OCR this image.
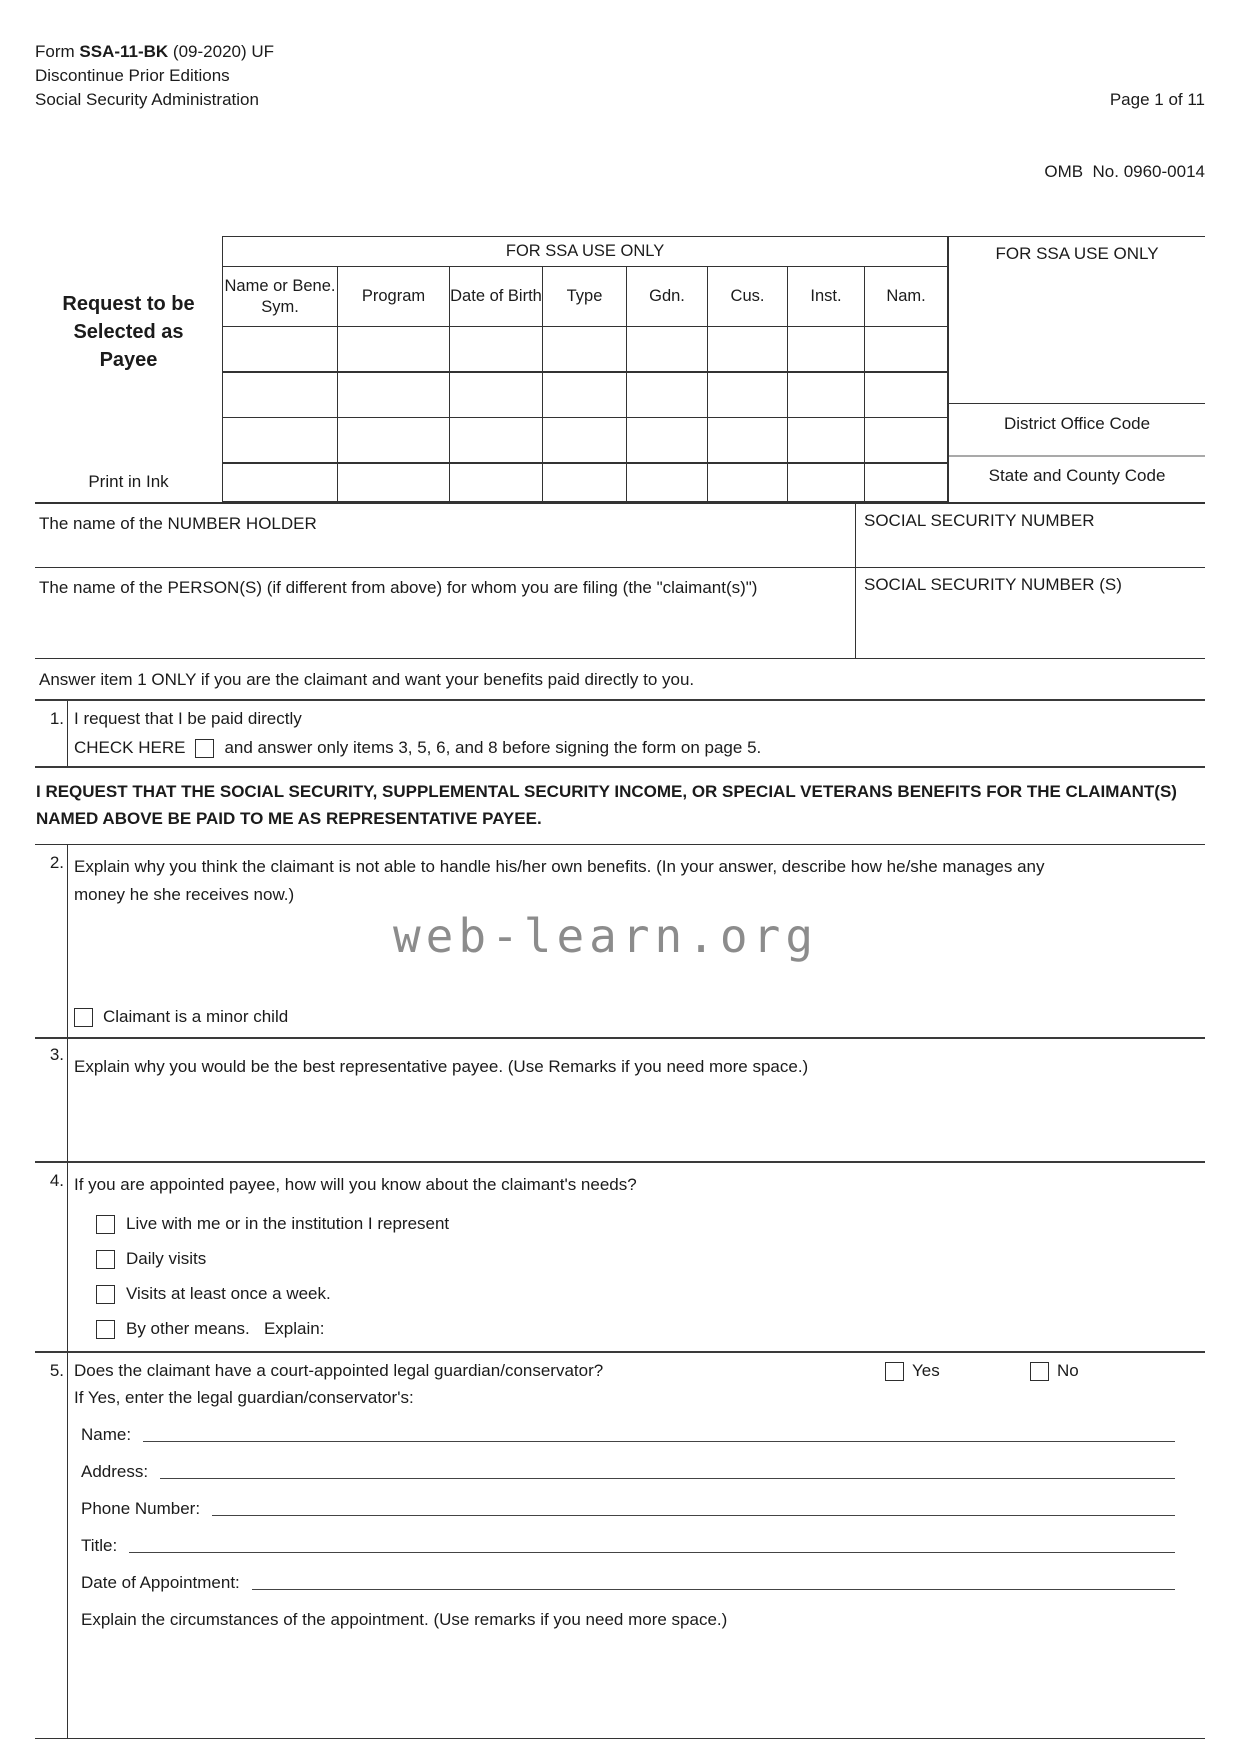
Form SSA-11-BK (09-2020) UF
Discontinue Prior Editions
Social Security Administration

	Page 1 of 11

OMB  No. 0960-0014

Request to be Selected as Payee
Print in Ink
FOR SSA USE ONLY							
Name or Bene. Sym.	Program	Date of Birth	Type	Gdn.	Cus.	Inst.	Nam.

FOR SSA USE ONLY
District Office Code
State and County Code
The name of the NUMBER HOLDER	SOCIAL SECURITY NUMBER
The name of the PERSON(S) (if different from above) for whom you are filing (the "claimant(s)")	SOCIAL SECURITY NUMBER (S)
Answer item 1 ONLY if you are the claimant and want your benefits paid directly to you.
1. I request that I be paid directly
CHECK HERE and answer only items 3, 5, 6, and 8 before signing the form on page 5.
I REQUEST THAT THE SOCIAL SECURITY, SUPPLEMENTAL SECURITY INCOME, OR SPECIAL VETERANS BENEFITS FOR THE CLAIMANT(S) NAMED ABOVE BE PAID TO ME AS REPRESENTATIVE PAYEE.
2. Explain why you think the claimant is not able to handle his/her own benefits. (In your answer, describe how he/she manages any money he she receives now.)
web-learn.org
Claimant is a minor child
3.
Explain why you would be the best representative payee. (Use Remarks if you need more space.)
4. If you are appointed payee, how will you know about the claimant's needs?
Live with me or in the institution I represent
Daily visits
Visits at least once a week.
By other means.   Explain:
5. Does the claimant have a court-appointed legal guardian/conservator?	Yes	No
If Yes, enter the legal guardian/conservator's:
Name:
Address:
Phone Number:
Title:
Date of Appointment:
Explain the circumstances of the appointment. (Use remarks if you need more space.)
